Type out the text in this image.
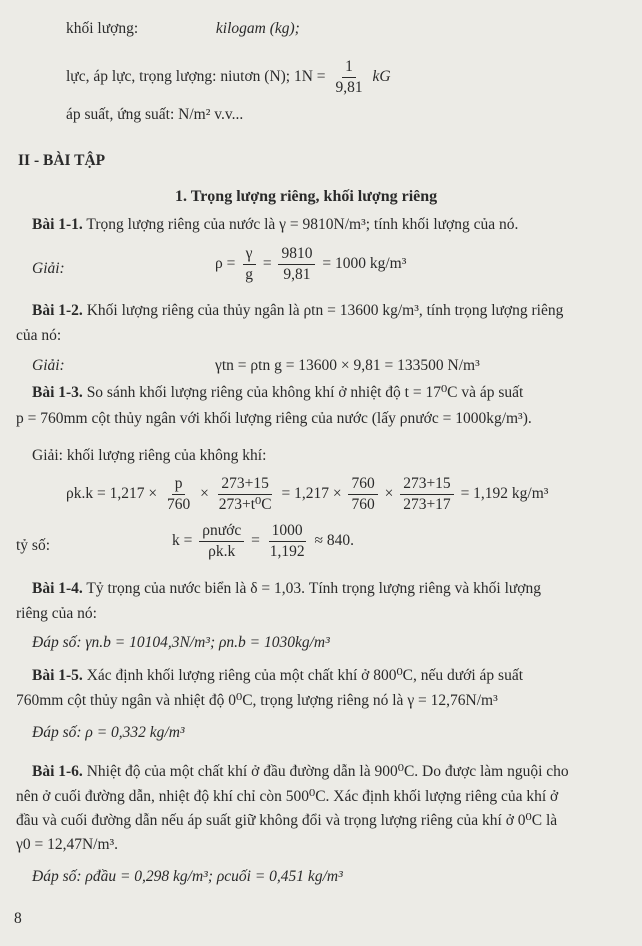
khối lượng:	kilogam (kg);
lực, áp lực, trọng lượng: niutơn (N); $1N = \frac{1}{9,81}$ kG
áp suất, ứng suất: N/m² v.v...
II - BÀI TẬP
1. Trọng lượng riêng, khối lượng riêng
Bài 1-1. Trọng lượng riêng của nước là γ = 9810N/m³; tính khối lượng của nó.
Giải:	$\rho = \frac{\gamma}{g} = \frac{9810}{9,81} = 1000$ kg/m³
Bài 1-2. Khối lượng riêng của thủy ngân là ρtn = 13600 kg/m³, tính trọng lượng riêng
của nó:
Giải:	γtn = ρtn g = 13600 × 9,81 = 133500 N/m³
Bài 1-3. So sánh khối lượng riêng của không khí ở nhiệt độ t = 17⁰C và áp suất
p = 760mm cột thủy ngân với khối lượng riêng của nước (lấy ρnước = 1000kg/m³).
Giải: khối lượng riêng của không khí:
$\rho k.k = 1,217 \times \frac{p}{760} \times \frac{273+15}{\text{273+t⁰C}} = 1,217 \times \frac{760}{760} \times \frac{273+15}{273+17} = 1,192$ kg/m³
tỷ số:	$k = \frac{\text{ρnước}}{\rho k.k} = \frac{1000}{1,192} \approx 840$.
Bài 1-4. Tỷ trọng của nước biển là δ = 1,03. Tính trọng lượng riêng và khối lượng
riêng của nó:
Đáp số: γn.b = 10104,3N/m³; ρn.b = 1030kg/m³
Bài 1-5. Xác định khối lượng riêng của một chất khí ở 800⁰C, nếu dưới áp suất
760mm cột thủy ngân và nhiệt độ 0⁰C, trọng lượng riêng nó là γ = 12,76N/m³
Đáp số: ρ = 0,332 kg/m³
Bài 1-6. Nhiệt độ của một chất khí ở đầu đường dẫn là 900⁰C. Do được làm nguội cho
nên ở cuối đường dẫn, nhiệt độ khí chỉ còn 500⁰C. Xác định khối lượng riêng của khí ở
đầu và cuối đường dẫn nếu áp suất giữ không đổi và trọng lượng riêng của khí ở 0⁰C là
γ0 = 12,47N/m³.
Đáp số: ρđầu = 0,298 kg/m³; ρcuối = 0,451 kg/m³
8
